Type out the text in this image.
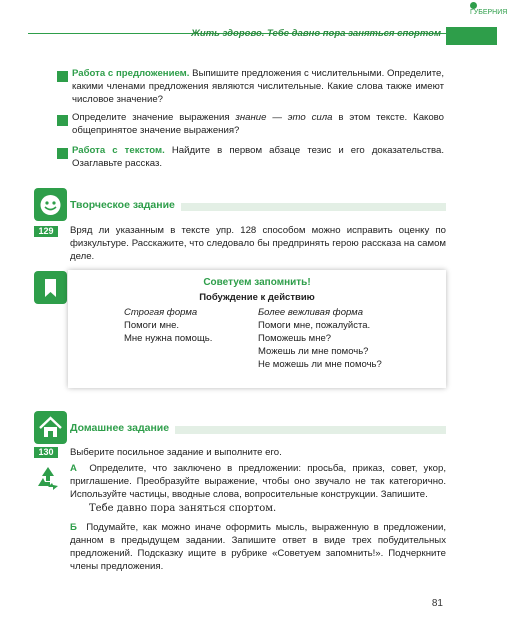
ГУБЕРНИЯ
Жить здорово. Тебе давно пора заняться спортом
Работа с предложением. Выпишите предложения с числительными. Определите, какими членами предложения являются числительные. Какие слова также имеют числовое значение?
Определите значение выражения знание — это сила в этом тексте. Каково общепринятое значение выражения?
Работа с текстом. Найдите в первом абзаце тезис и его доказательства. Озаглавьте рассказ.
Творческое задание
129	Вряд ли указанным в тексте упр. 128 способом можно исправить оценку по физкультуре. Расскажите, что следовало бы предпринять герою рассказа на самом деле.
Советуем запомнить!
Побуждение к действию
Строгая форма
Помоги мне.
Мне нужна помощь.
Более вежливая форма
Помоги мне, пожалуйста.
Поможешь мне?
Можешь ли мне помочь?
Не можешь ли мне помочь?
Домашнее задание
130	Выберите посильное задание и выполните его.
А Определите, что заключено в предложении: просьба, приказ, совет, укор, приглашение. Преобразуйте выражение, чтобы оно звучало не так категорично. Используйте частицы, вводные слова, вопросительные конструкции. Запишите.
Тебе давно пора заняться спортом.
Б Подумайте, как можно иначе оформить мысль, выраженную в предложении, данном в предыдущем задании. Запишите ответ в виде трех побудительных предложений. Подсказку ищите в рубрике «Советуем запомнить!». Подчеркните члены предложения.
81
